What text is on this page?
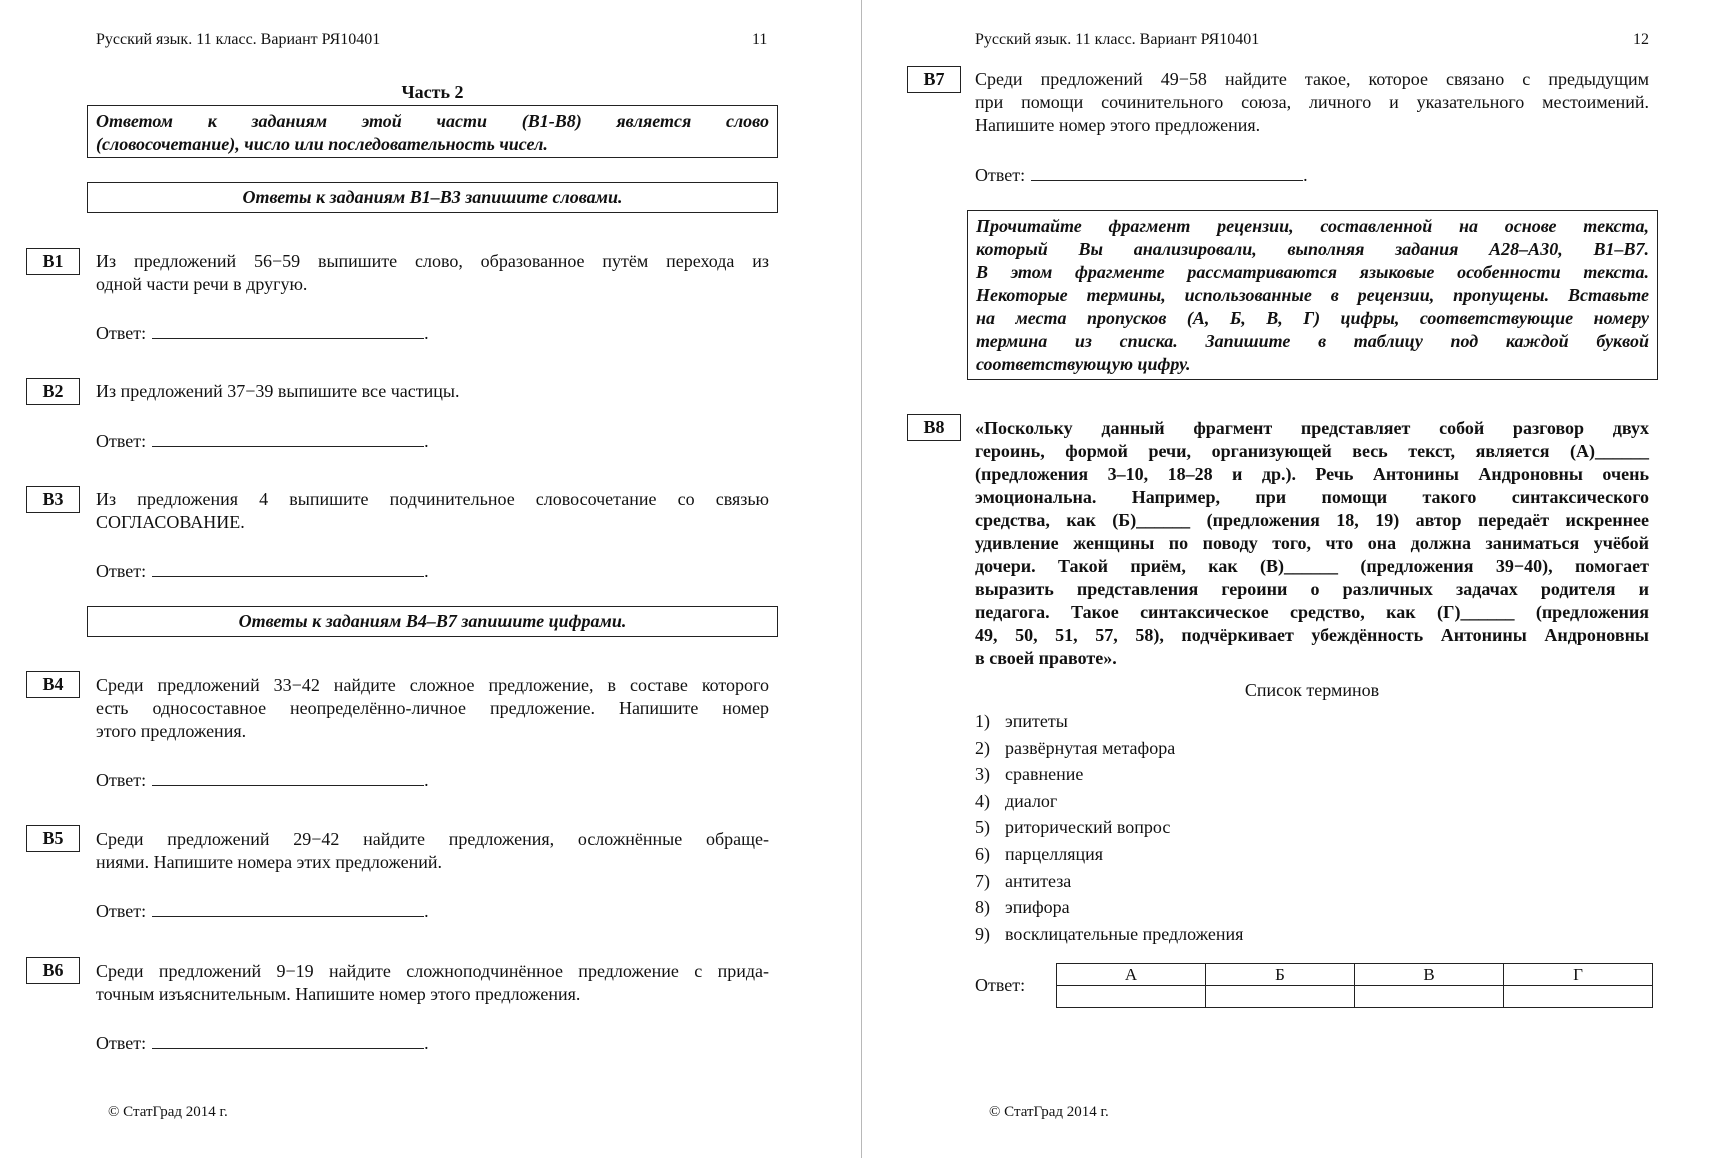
Русский язык. 11 класс. Вариант РЯ10401	11
Часть 2
Ответом к заданиям этой части (В1-В8) является слово
(словосочетание), число или последовательность чисел.
Ответы к заданиям В1–В3 запишите словами.
B1	Из предложений 56−59 выпишите слово, образованное путём перехода из
одной части речи в другую.
Ответ:	.
B2	Из предложений 37−39 выпишите все частицы.
Ответ:	.
B3	Из предложения 4 выпишите подчинительное словосочетание со связью
СОГЛАСОВАНИЕ.
Ответ:	.
Ответы к заданиям В4–В7 запишите цифрами.
B4	Среди предложений 33−42 найдите сложное предложение, в составе которого
есть односоставное неопределённо-личное предложение. Напишите номер
этого предложения.
Ответ:	.
B5	Среди предложений 29−42 найдите предложения, осложнённые обраще-
ниями. Напишите номера этих предложений.
Ответ:	.
B6	Среди предложений 9−19 найдите сложноподчинённое предложение с прида-
точным изъяснительным. Напишите номер этого предложения.
Ответ:	.
© СтатГрад 2014 г.
Русский язык. 11 класс. Вариант РЯ10401	12
B7	Среди предложений 49−58 найдите такое, которое связано с предыдущим
при помощи сочинительного союза, личного и указательного местоимений.
Напишите номер этого предложения.
Ответ:	.
Прочитайте фрагмент рецензии, составленной на основе текста,
который Вы анализировали, выполняя задания А28–А30, В1–В7.
В этом фрагменте рассматриваются языковые особенности текста.
Некоторые термины, использованные в рецензии, пропущены. Вставьте
на места пропусков (А, Б, В, Г) цифры, соответствующие номеру
термина из списка. Запишите в таблицу под каждой буквой
соответствующую цифру.
B8	«Поскольку данный фрагмент представляет собой разговор двух
героинь, формой речи, организующей весь текст, является (А)______
(предложения 3–10, 18–28 и др.). Речь Антонины Андроновны очень
эмоциональна. Например, при помощи такого синтаксического
средства, как (Б)______ (предложения 18, 19) автор передаёт искреннее
удивление женщины по поводу того, что она должна заниматься учёбой
дочери. Такой приём, как (В)______ (предложения 39−40), помогает
выразить представления героини о различных задачах родителя и
педагога. Такое синтаксическое средство, как (Г)______ (предложения
49, 50, 51, 57, 58), подчёркивает убеждённость Антонины Андроновны
в своей правоте».
Список терминов
1) эпитеты
2) развёрнутая метафора
3) сравнение
4) диалог
5) риторический вопрос
6) парцелляция
7) антитеза
8) эпифора
9) восклицательные предложения
Ответ:
А	Б	В	Г

© СтатГрад 2014 г.
